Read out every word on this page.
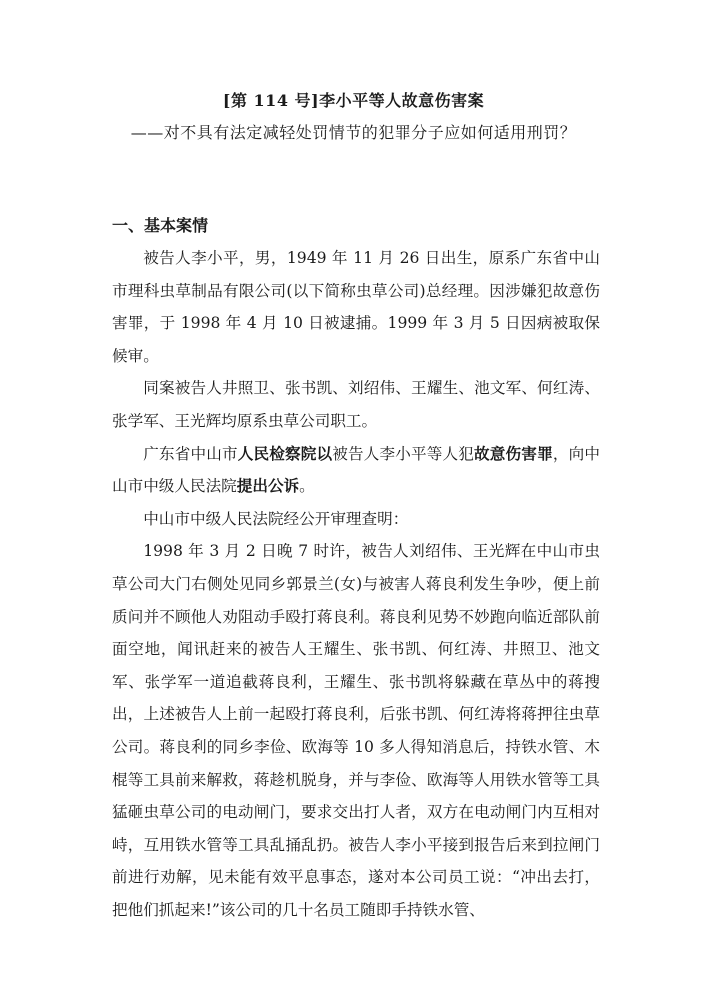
[第 114 号]李小平等人故意伤害案
——对不具有法定减轻处罚情节的犯罪分子应如何适用刑罚？
一、基本案情

被告人李小平，男，1949 年 11 月 26 日出生，原系广东省中山市理科虫草制品有限公司(以下简称虫草公司)总经理。因涉嫌犯故意伤害罪，于 1998 年 4 月 10 日被逮捕。1999 年 3 月 5 日因病被取保候审。

同案被告人井照卫、张书凯、刘绍伟、王耀生、池文军、何红涛、张学军、王光辉均原系虫草公司职工。

广东省中山市人民检察院以被告人李小平等人犯故意伤害罪，向中山市中级人民法院提出公诉。

中山市中级人民法院经公开审理查明：

1998 年 3 月 2 日晚 7 时许，被告人刘绍伟、王光辉在中山市虫草公司大门右侧处见同乡郭景兰(女)与被害人蒋良利发生争吵，便上前质问并不顾他人劝阻动手殴打蒋良利。蒋良利见势不妙跑向临近部队前面空地，闻讯赶来的被告人王耀生、张书凯、何红涛、井照卫、池文军、张学军一道追截蒋良利，王耀生、张书凯将躲藏在草丛中的蒋搜出，上述被告人上前一起殴打蒋良利，后张书凯、何红涛将蒋押往虫草公司。蒋良利的同乡李俭、欧海等 10 多人得知消息后，持铁水管、木棍等工具前来解救，蒋趁机脱身，并与李俭、欧海等人用铁水管等工具猛砸虫草公司的电动闸门，要求交出打人者，双方在电动闸门内互相对峙，互用铁水管等工具乱捅乱扔。被告人李小平接到报告后来到拉闸门前进行劝解，见未能有效平息事态，遂对本公司员工说：“冲出去打，把他们抓起来!”该公司的几十名员工随即手持铁水管、
